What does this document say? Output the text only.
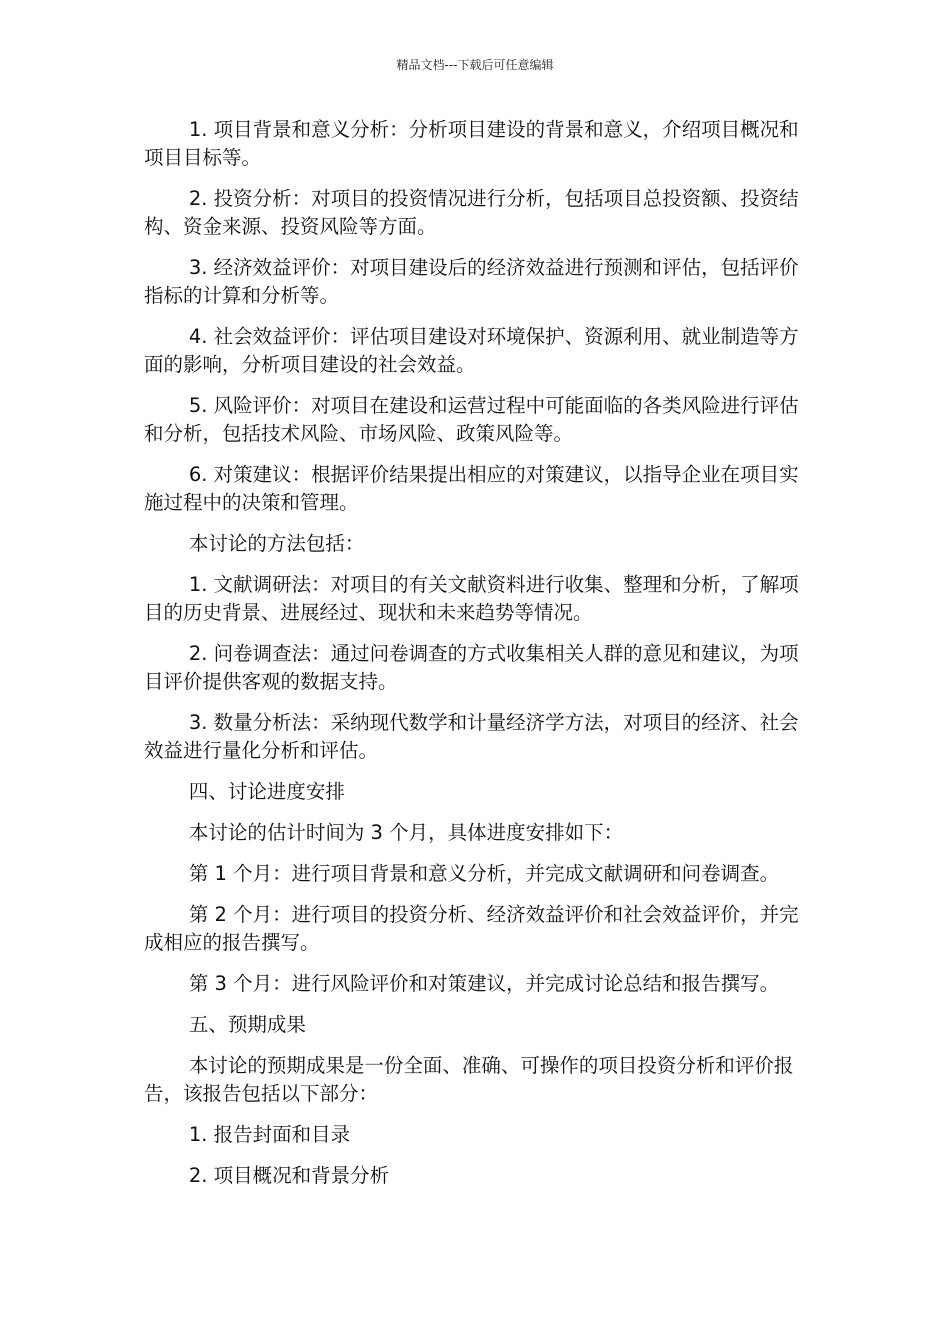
精品文档---下载后可任意编辑

1. 项目背景和意义分析：分析项目建设的背景和意义，介绍项目概况和项目目标等。

2. 投资分析：对项目的投资情况进行分析，包括项目总投资额、投资结构、资金来源、投资风险等方面。

3. 经济效益评价：对项目建设后的经济效益进行预测和评估，包括评价指标的计算和分析等。

4. 社会效益评价：评估项目建设对环境保护、资源利用、就业制造等方面的影响，分析项目建设的社会效益。

5. 风险评价：对项目在建设和运营过程中可能面临的各类风险进行评估和分析，包括技术风险、市场风险、政策风险等。

6. 对策建议：根据评价结果提出相应的对策建议，以指导企业在项目实施过程中的决策和管理。

本讨论的方法包括：

1. 文献调研法：对项目的有关文献资料进行收集、整理和分析，了解项目的历史背景、进展经过、现状和未来趋势等情况。

2. 问卷调查法：通过问卷调查的方式收集相关人群的意见和建议，为项目评价提供客观的数据支持。

3. 数量分析法：采纳现代数学和计量经济学方法，对项目的经济、社会效益进行量化分析和评估。

四、讨论进度安排

本讨论的估计时间为 3 个月，具体进度安排如下：

第 1 个月：进行项目背景和意义分析，并完成文献调研和问卷调查。

第 2 个月：进行项目的投资分析、经济效益评价和社会效益评价，并完成相应的报告撰写。

第 3 个月：进行风险评价和对策建议，并完成讨论总结和报告撰写。

五、预期成果

本讨论的预期成果是一份全面、准确、可操作的项目投资分析和评价报告，该报告包括以下部分：

1. 报告封面和目录

2. 项目概况和背景分析
